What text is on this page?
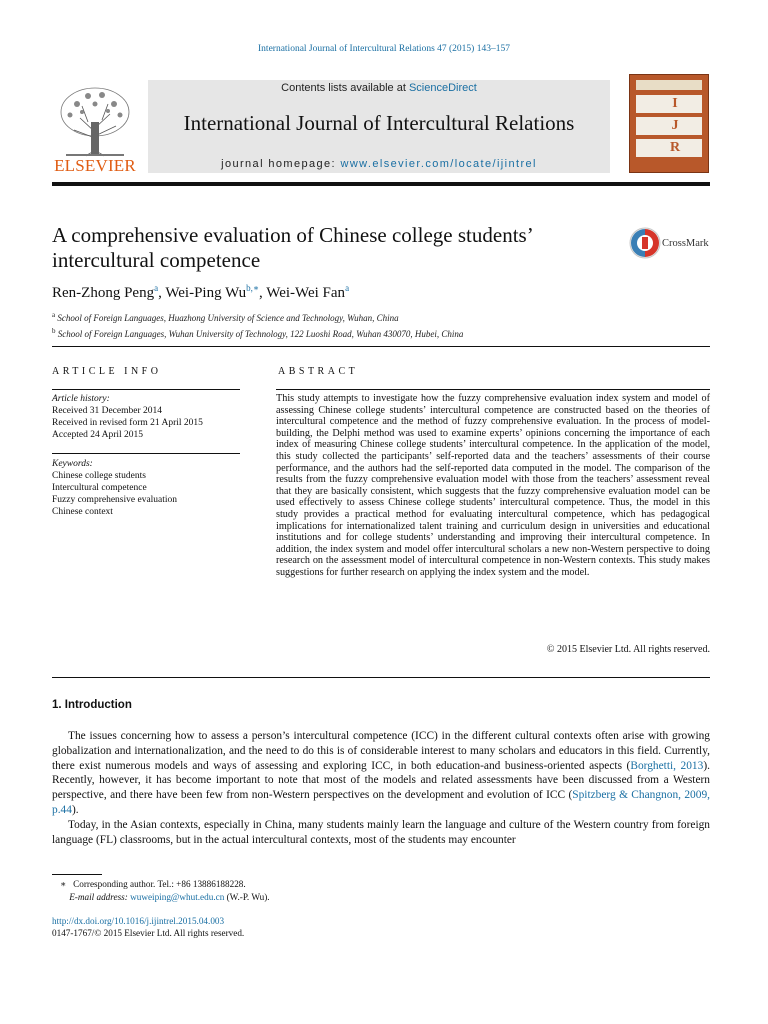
International Journal of Intercultural Relations 47 (2015) 143–157
ELSEVIER
Contents lists available at ScienceDirect
International Journal of Intercultural Relations
journal homepage: www.elsevier.com/locate/ijintrel
I
J
R
A comprehensive evaluation of Chinese college students’ intercultural competence
CrossMark
Ren-Zhong Peng$^a$, Wei-Ping $Wu^{b,∗}$, Wei-Wei Fan$^a$
$^a$ School of Foreign Languages, Huazhong University of Science and Technology, Wuhan, China
$^b$ School of Foreign Languages, Wuhan University of Technology, 122 Luoshi Road, Wuhan 430070, Hubei, China
ARTICLE INFO	ABSTRACT
Article history:
Received 31 December 2014
Received in revised form 21 April 2015
Accepted 24 April 2015
Keywords:
Chinese college students
Intercultural competence
Fuzzy comprehensive evaluation
Chinese context
This study attempts to investigate how the fuzzy comprehensive evaluation index system and model of assessing Chinese college students’ intercultural competence are constructed based on the theories of intercultural competence and the method of fuzzy comprehensive evaluation. In the process of model-building, the Delphi method was used to examine experts’ opinions concerning the importance of each index of measuring Chinese college students’ intercultural competence. In the application of the model, this study collected the participants’ self-reported data and the teachers’ assessments of their course performance, and the authors had the self-reported data computed in the model. The comparison of the results from the fuzzy comprehensive evaluation model with those from the teachers’ assessment reveal that they are basically consistent, which suggests that the fuzzy comprehensive evaluation model can be used effectively to assess Chinese college students’ intercultural competence. Thus, the model in this study provides a practical method for evaluating intercultural competence, which has pedagogical implications for internationalized talent training and curriculum design in universities and educational institutions and for college students’ understanding and improving their intercultural competence. In addition, the index system and model offer intercultural scholars a new non-Western perspective to doing research on the assessment model of intercultural competence in non-Western contexts. This study makes suggestions for further research on applying the index system and the model.
© 2015 Elsevier Ltd. All rights reserved.
1. Introduction

The issues concerning how to assess a person’s intercultural competence (ICC) in the different cultural contexts often arise with growing globalization and internationalization, and the need to do this is of considerable interest to many scholars and educators in this field. Currently, there exist numerous models and ways of assessing and exploring ICC, in both education-and business-oriented aspects (Borghetti, 2013). Recently, however, it has become important to note that most of the models and related assessments have been discussed from a Western perspective, and there have been few from non-Western perspectives on the development and evolution of ICC (Spitzberg & Changnon, 2009, p.44).

Today, in the Asian contexts, especially in China, many students mainly learn the language and culture of the Western country from foreign language (FL) classrooms, but in the actual intercultural contexts, most of the students may encounter

∗ Corresponding author. Tel.: +86 13886188228.
E-mail address: wuweiping@whut.edu.cn (W.-P. Wu).
http://dx.doi.org/10.1016/j.ijintrel.2015.04.003
0147-1767/© 2015 Elsevier Ltd. All rights reserved.
